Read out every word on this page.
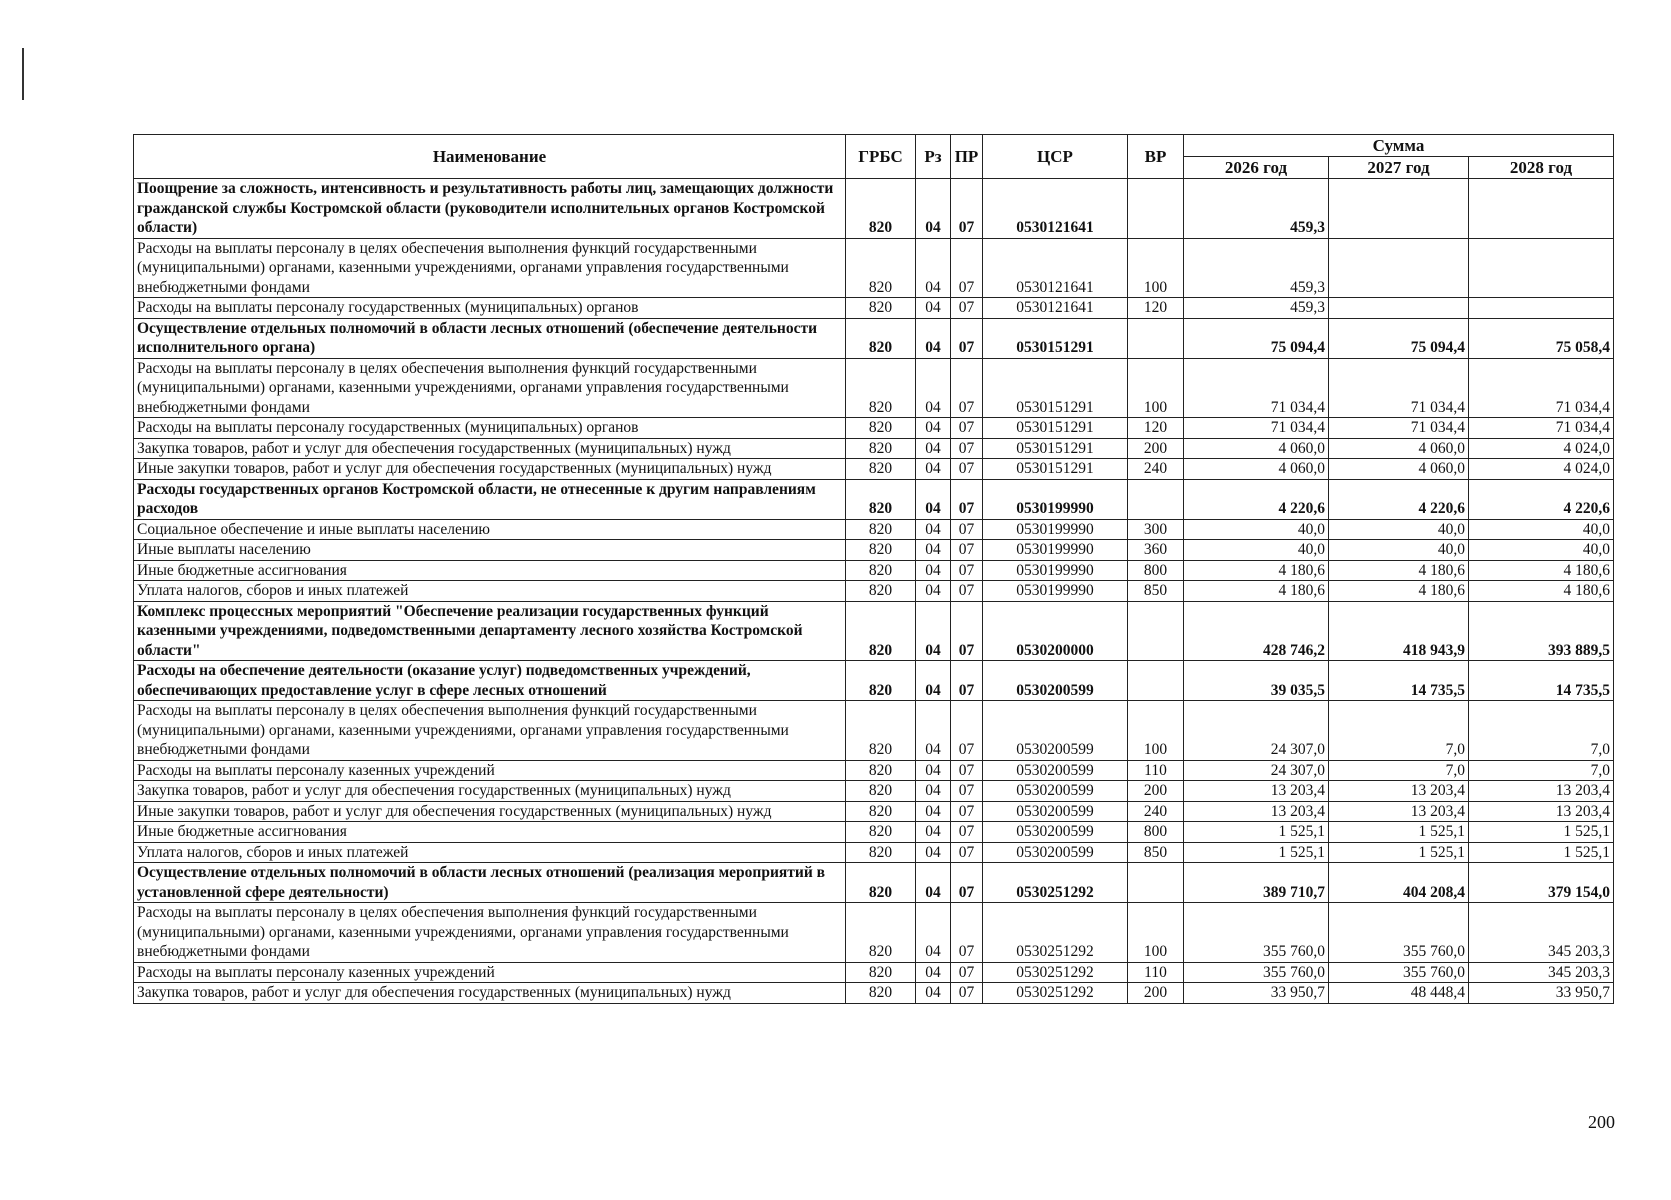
Наименование	ГРБС	Рз	ПР	ЦСР	ВР	Сумма		
						2026 год	2027 год	2028 год
Поощрение за сложность, интенсивность и результативность работы лиц, замещающих должности гражданской службы Костромской области (руководители исполнительных органов Костромской области)	820	04	07	0530121641		459,3		
Расходы на выплаты персоналу в целях обеспечения выполнения функций государственными (муниципальными) органами, казенными учреждениями, органами управления государственными внебюджетными фондами	820	04	07	0530121641	100	459,3		
Расходы на выплаты персоналу государственных (муниципальных) органов	820	04	07	0530121641	120	459,3		
Осуществление отдельных полномочий в области лесных отношений (обеспечение деятельности исполнительного органа)	820	04	07	0530151291		75 094,4	75 094,4	75 058,4
Расходы на выплаты персоналу в целях обеспечения выполнения функций государственными (муниципальными) органами, казенными учреждениями, органами управления государственными внебюджетными фондами	820	04	07	0530151291	100	71 034,4	71 034,4	71 034,4
Расходы на выплаты персоналу государственных (муниципальных) органов	820	04	07	0530151291	120	71 034,4	71 034,4	71 034,4
Закупка товаров, работ и услуг для обеспечения государственных (муниципальных) нужд	820	04	07	0530151291	200	4 060,0	4 060,0	4 024,0
Иные закупки товаров, работ и услуг для обеспечения государственных (муниципальных) нужд	820	04	07	0530151291	240	4 060,0	4 060,0	4 024,0
Расходы государственных органов Костромской области, не отнесенные к другим направлениям расходов	820	04	07	0530199990		4 220,6	4 220,6	4 220,6
Социальное обеспечение и иные выплаты населению	820	04	07	0530199990	300	40,0	40,0	40,0
Иные выплаты населению	820	04	07	0530199990	360	40,0	40,0	40,0
Иные бюджетные ассигнования	820	04	07	0530199990	800	4 180,6	4 180,6	4 180,6
Уплата налогов, сборов и иных платежей	820	04	07	0530199990	850	4 180,6	4 180,6	4 180,6
Комплекс процессных мероприятий "Обеспечение реализации государственных функций казенными учреждениями, подведомственными департаменту лесного хозяйства Костромской области"	820	04	07	0530200000		428 746,2	418 943,9	393 889,5
Расходы на обеспечение деятельности (оказание услуг) подведомственных учреждений, обеспечивающих предоставление услуг в сфере лесных отношений	820	04	07	0530200599		39 035,5	14 735,5	14 735,5
Расходы на выплаты персоналу в целях обеспечения выполнения функций государственными (муниципальными) органами, казенными учреждениями, органами управления государственными внебюджетными фондами	820	04	07	0530200599	100	24 307,0	7,0	7,0
Расходы на выплаты персоналу казенных учреждений	820	04	07	0530200599	110	24 307,0	7,0	7,0
Закупка товаров, работ и услуг для обеспечения государственных (муниципальных) нужд	820	04	07	0530200599	200	13 203,4	13 203,4	13 203,4
Иные закупки товаров, работ и услуг для обеспечения государственных (муниципальных) нужд	820	04	07	0530200599	240	13 203,4	13 203,4	13 203,4
Иные бюджетные ассигнования	820	04	07	0530200599	800	1 525,1	1 525,1	1 525,1
Уплата налогов, сборов и иных платежей	820	04	07	0530200599	850	1 525,1	1 525,1	1 525,1
Осуществление отдельных полномочий в области лесных отношений (реализация мероприятий в установленной сфере деятельности)	820	04	07	0530251292		389 710,7	404 208,4	379 154,0
Расходы на выплаты персоналу в целях обеспечения выполнения функций государственными (муниципальными) органами, казенными учреждениями, органами управления государственными внебюджетными фондами	820	04	07	0530251292	100	355 760,0	355 760,0	345 203,3
Расходы на выплаты персоналу казенных учреждений	820	04	07	0530251292	110	355 760,0	355 760,0	345 203,3
Закупка товаров, работ и услуг для обеспечения государственных (муниципальных) нужд	820	04	07	0530251292	200	33 950,7	48 448,4	33 950,7
200
